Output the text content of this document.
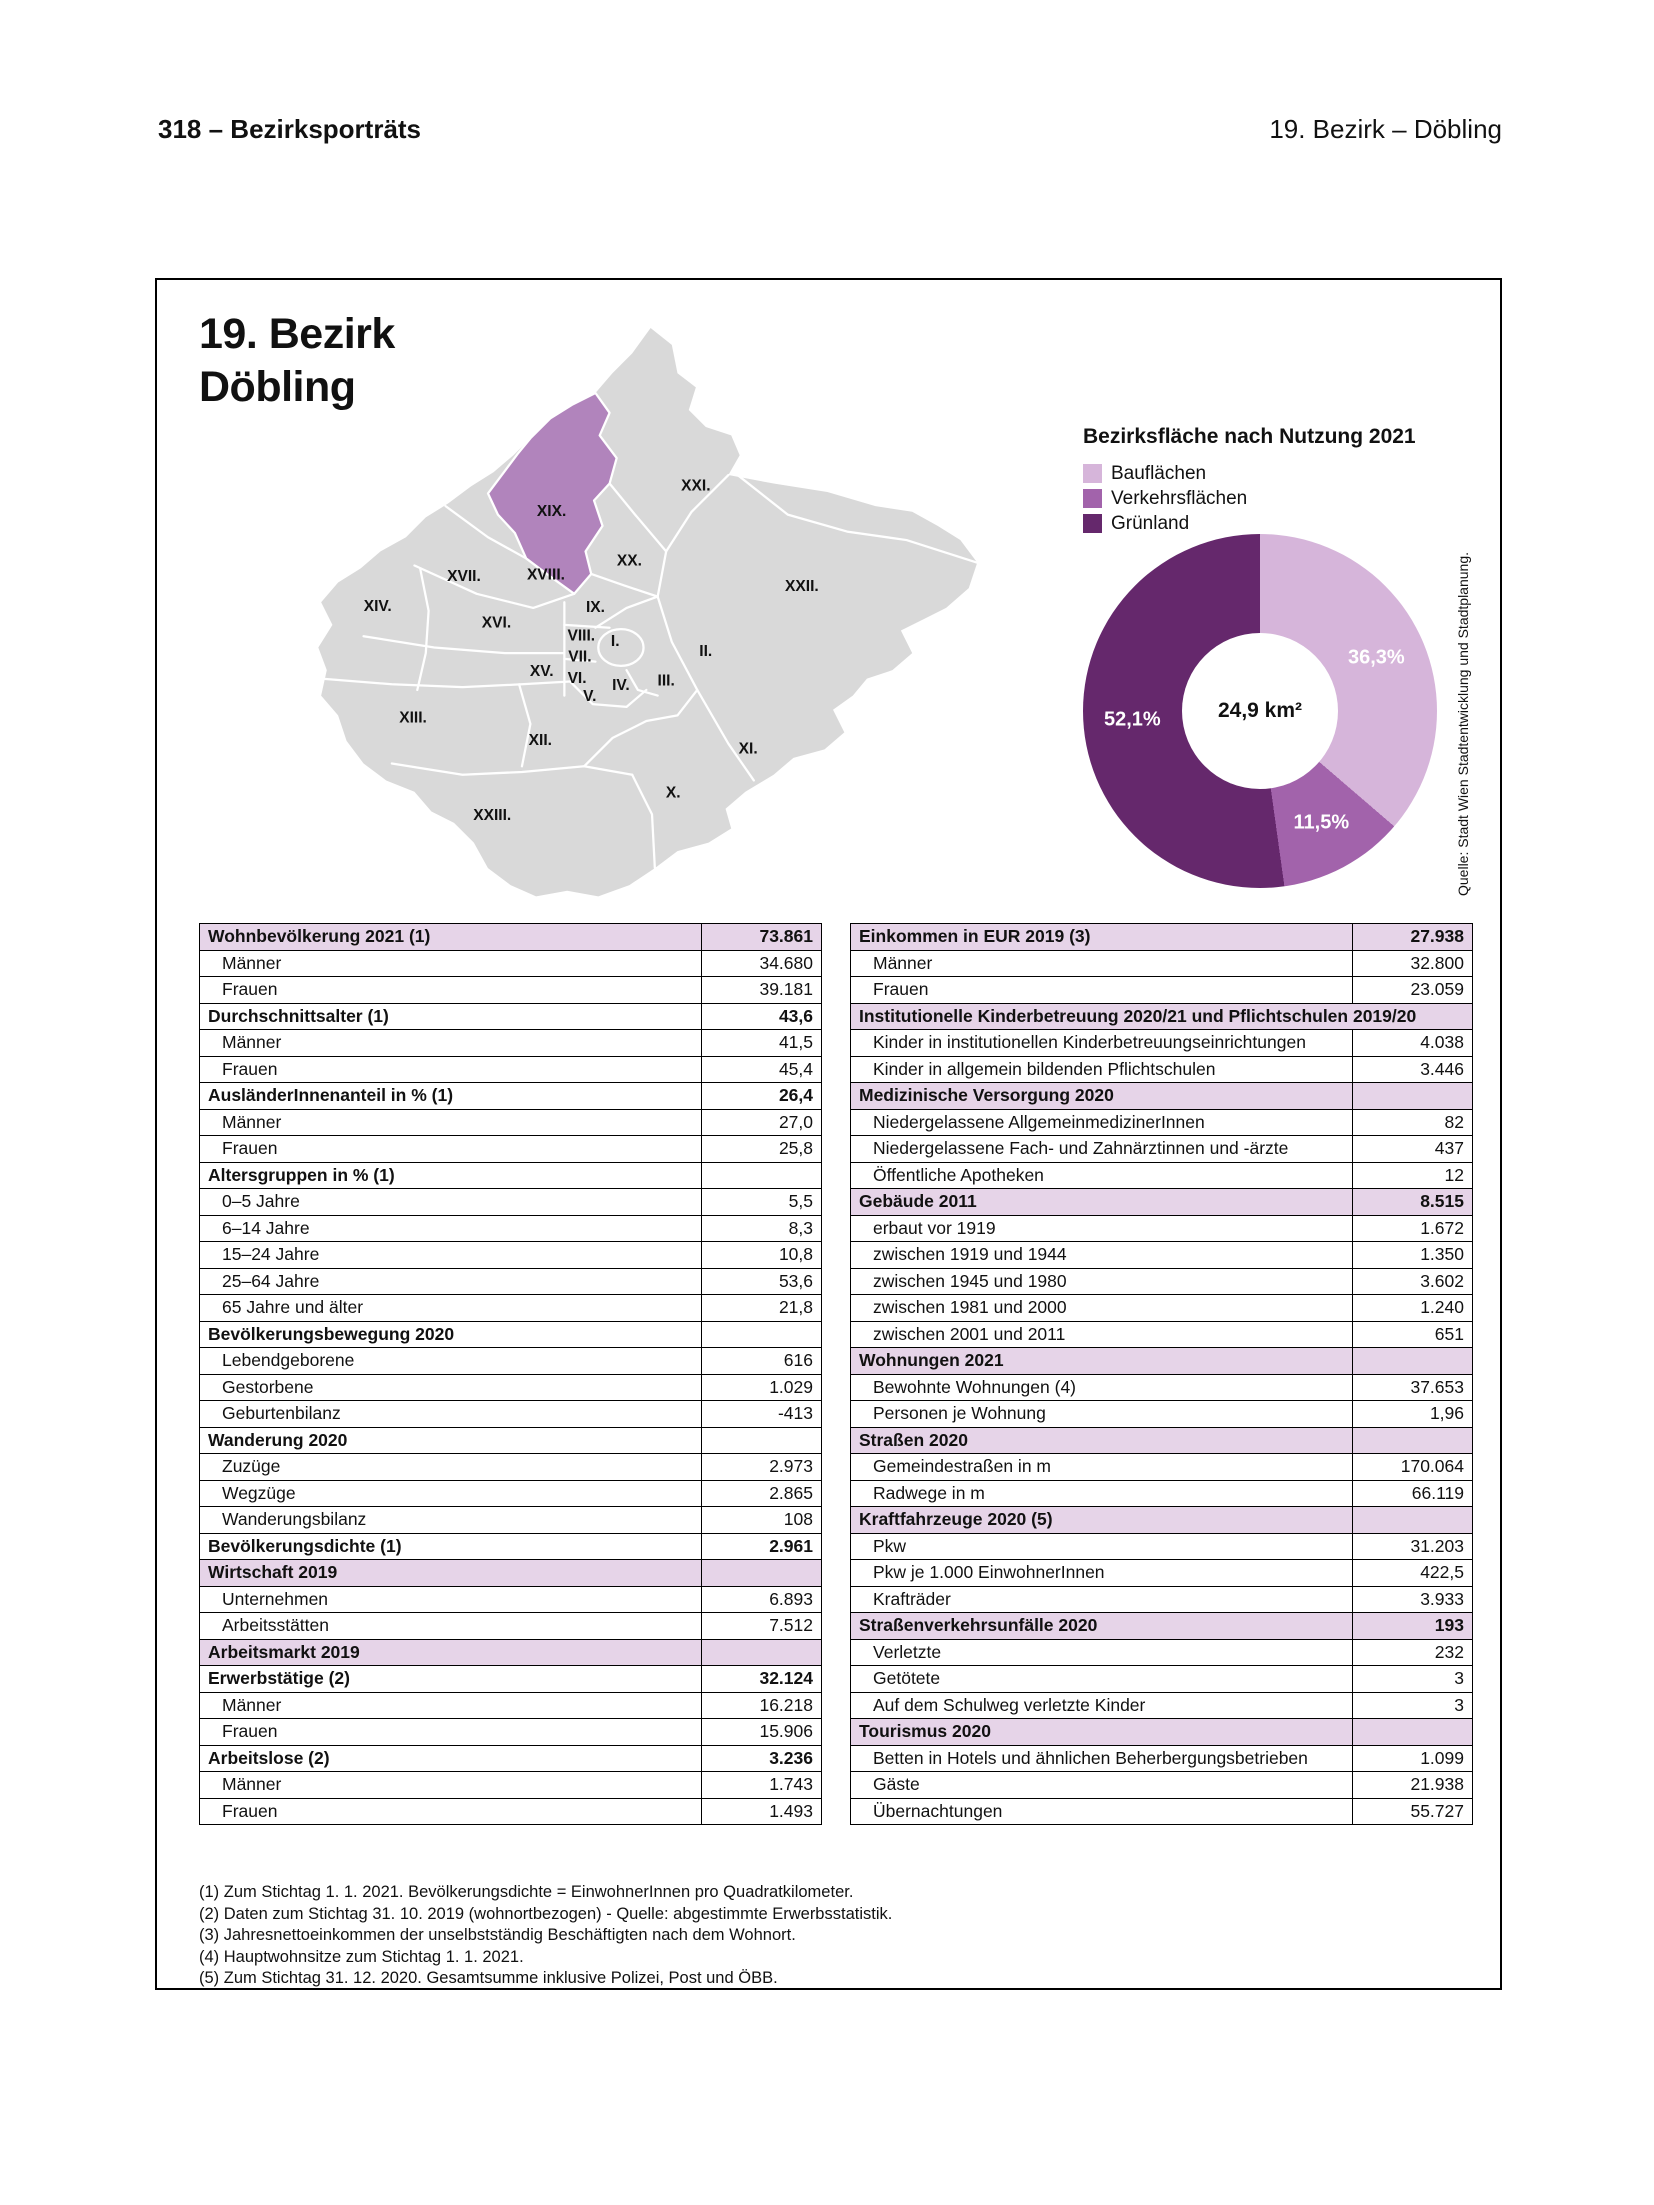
318 – Bezirksporträts	19. Bezirk – Döbling
19. Bezirk
Döbling
XXI.
XIX.
XX.
XXII.
XVII.	XVIII.
XIV.
XVI.
IX.
VIII. I.
VII.	II.
XV. VI.
V.
IV.	III.
XIII.
XII.	XI.
X.
XXIII.
Bezirksfläche nach Nutzung 2021
Bauflächen
Verkehrsflächen
Grünland
24,9 km²
36,3%
11,5%
52,1%	Quelle: Stadt Wien Stadtentwicklung und Stadtplanung.
Wohnbevölkerung 2021 (1)	73.861
Männer	34.680
Frauen	39.181
Durchschnittsalter (1)	43,6
Männer	41,5
Frauen	45,4
AusländerInnenanteil in % (1)	26,4
Männer	27,0
Frauen	25,8
Altersgruppen in % (1)	
0–5 Jahre	5,5
6–14 Jahre	8,3
15–24 Jahre	10,8
25–64 Jahre	53,6
65 Jahre und älter	21,8
Bevölkerungsbewegung 2020	
Lebendgeborene	616
Gestorbene	1.029
Geburtenbilanz	-413
Wanderung 2020	
Zuzüge	2.973
Wegzüge	2.865
Wanderungsbilanz	108
Bevölkerungsdichte (1)	2.961
Wirtschaft 2019	
Unternehmen	6.893
Arbeitsstätten	7.512
Arbeitsmarkt 2019	
Erwerbstätige (2)	32.124
Männer	16.218
Frauen	15.906
Arbeitslose (2)	3.236
Männer	1.743
Frauen	1.493
Einkommen in EUR 2019 (3)	27.938
Männer	32.800
Frauen	23.059
Institutionelle Kinderbetreuung 2020/21 und Pflichtschulen 2019/20	
Kinder in institutionellen Kinderbetreuungseinrichtungen	4.038
Kinder in allgemein bildenden Pflichtschulen	3.446
Medizinische Versorgung 2020	
Niedergelassene AllgemeinmedizinerInnen	82
Niedergelassene Fach- und Zahnärztinnen und -ärzte	437
Öffentliche Apotheken	12
Gebäude 2011	8.515
erbaut vor 1919	1.672
zwischen 1919 und 1944	1.350
zwischen 1945 und 1980	3.602
zwischen 1981 und 2000	1.240
zwischen 2001 und 2011	651
Wohnungen 2021	
Bewohnte Wohnungen (4)	37.653
Personen je Wohnung	1,96
Straßen 2020	
Gemeindestraßen in m	170.064
Radwege in m	66.119
Kraftfahrzeuge 2020 (5)	
Pkw	31.203
Pkw je 1.000 EinwohnerInnen	422,5
Krafträder	3.933
Straßenverkehrsunfälle 2020	193
Verletzte	232
Getötete	3
Auf dem Schulweg verletzte Kinder	3
Tourismus 2020	
Betten in Hotels und ähnlichen Beherbergungsbetrieben	1.099
Gäste	21.938
Übernachtungen	55.727
(1) Zum Stichtag 1. 1. 2021. Bevölkerungsdichte = EinwohnerInnen pro Quadratkilometer.
(2) Daten zum Stichtag 31. 10. 2019 (wohnortbezogen) - Quelle: abgestimmte Erwerbsstatistik.
(3) Jahresnettoeinkommen der unselbstständig Beschäftigten nach dem Wohnort.
(4) Hauptwohnsitze zum Stichtag 1. 1. 2021.
(5) Zum Stichtag 31. 12. 2020. Gesamtsumme inklusive Polizei, Post und ÖBB.
